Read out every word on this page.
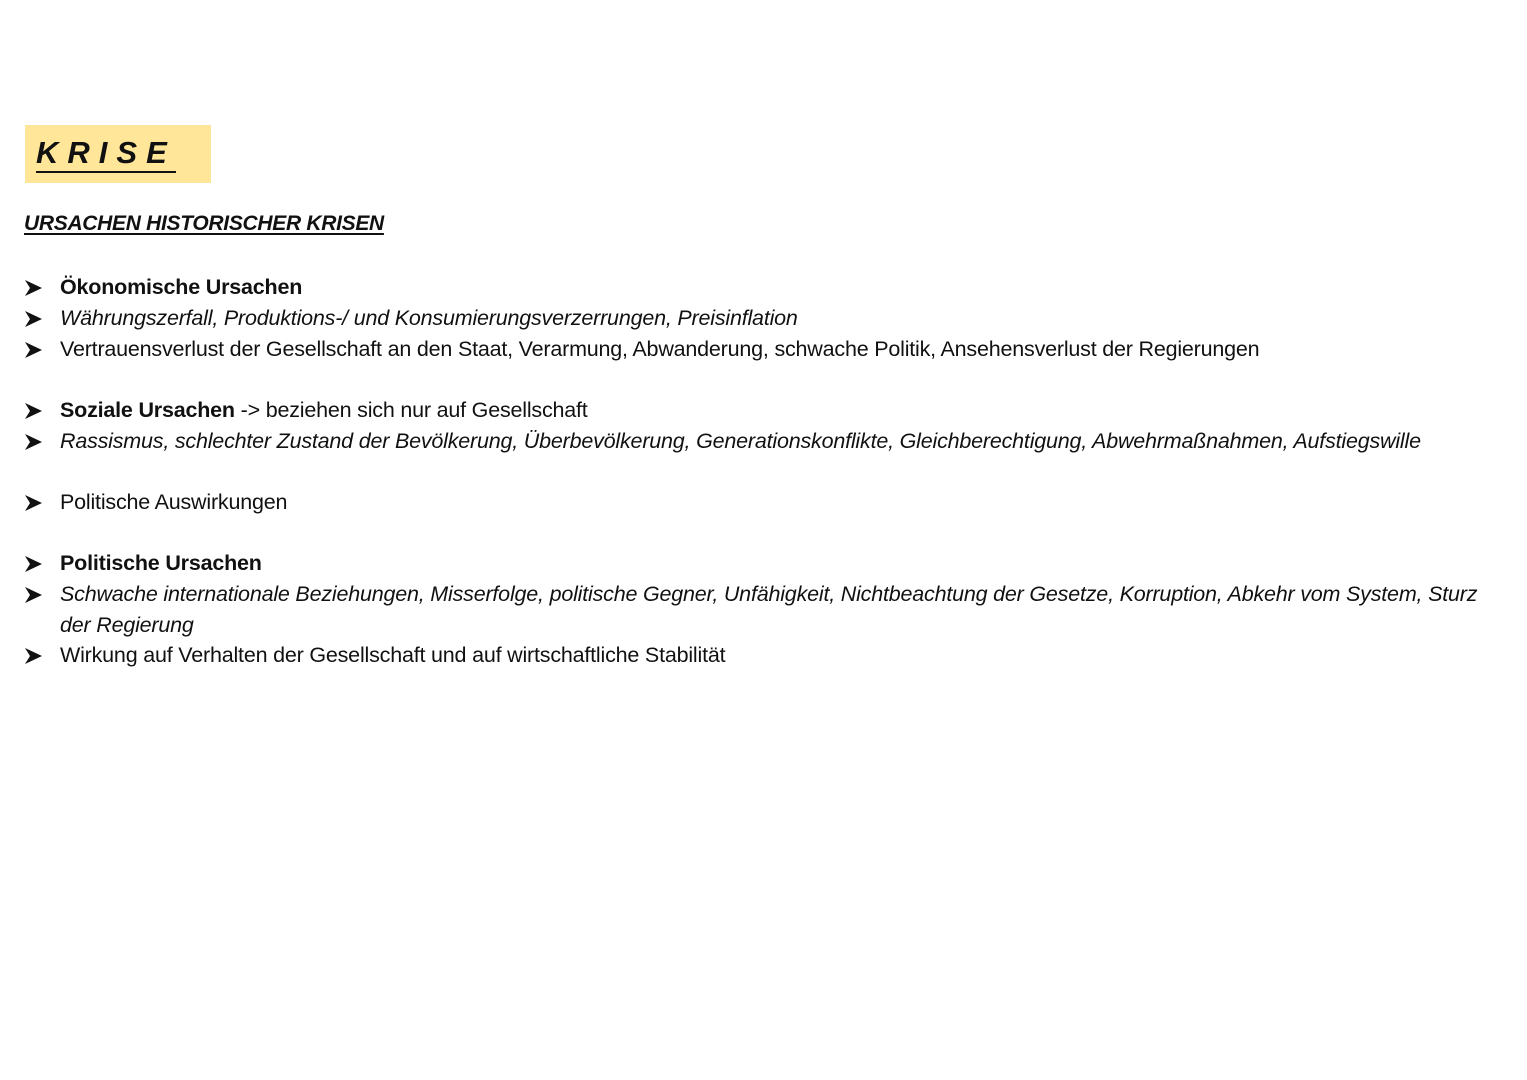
KRISE
URSACHEN HISTORISCHER KRISEN
Ökonomische Ursachen
Währungszerfall, Produktions-/ und Konsumierungsverzerrungen, Preisinflation
Vertrauensverlust der Gesellschaft an den Staat, Verarmung, Abwanderung, schwache Politik, Ansehensverlust der Regierungen
Soziale Ursachen -> beziehen sich nur auf Gesellschaft
Rassismus, schlechter Zustand der Bevölkerung, Überbevölkerung, Generationskonflikte, Gleichberechtigung, Abwehrmaßnahmen, Aufstiegswille
Politische Auswirkungen
Politische Ursachen
Schwache internationale Beziehungen, Misserfolge, politische Gegner, Unfähigkeit, Nichtbeachtung der Gesetze, Korruption, Abkehr vom System, Sturz der Regierung
Wirkung auf Verhalten der Gesellschaft und auf wirtschaftliche Stabilität
